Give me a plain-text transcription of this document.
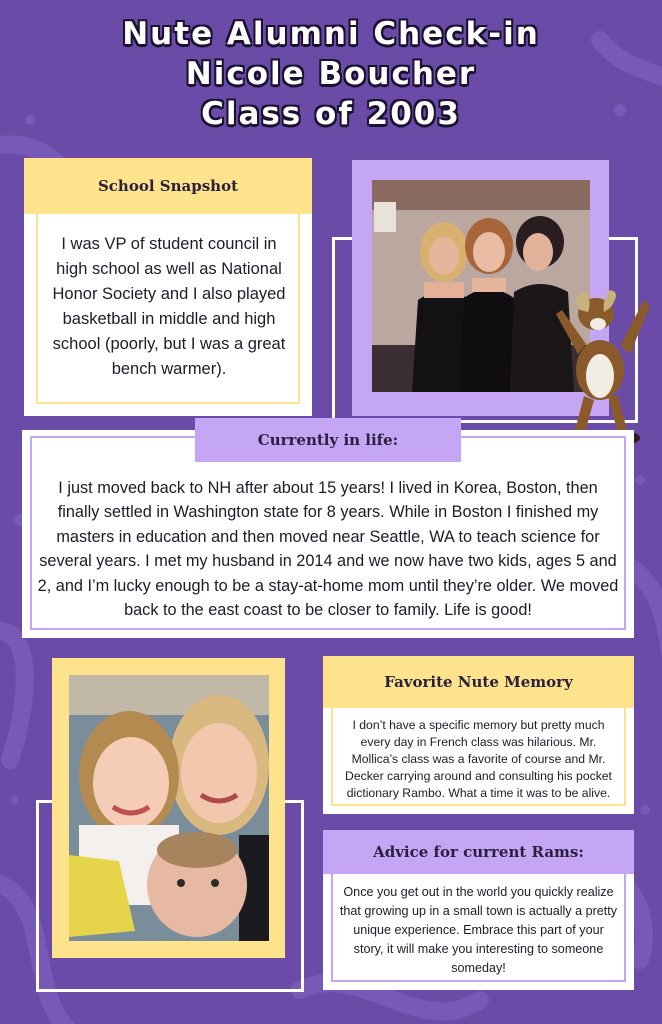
Nute Alumni Check-in
Nicole Boucher
Class of 2003
School Snapshot
I was VP of student council in high school as well as National Honor Society and I also played basketball in middle and high school (poorly, but I was a great bench warmer).
I just moved back to NH after about 15 years! I lived in Korea, Boston, then finally settled in Washington state for 8 years. While in Boston I finished my masters in education and then moved near Seattle, WA to teach science for several years. I met my husband in 2014 and we now have two kids, ages 5 and 2, and I’m lucky enough to be a stay-at-home mom until they’re older. We moved back to the east coast to be closer to family. Life is good!
Currently in life:
Favorite Nute Memory
I don’t have a specific memory but pretty much every day in French class was hilarious. Mr. Mollica’s class was a favorite of course and Mr. Decker carrying around and consulting his pocket dictionary Rambo. What a time it was to be alive.
Advice for current Rams:
Once you get out in the world you quickly realize that growing up in a small town is actually a pretty unique experience. Embrace this part of your story, it will make you interesting to someone someday!
